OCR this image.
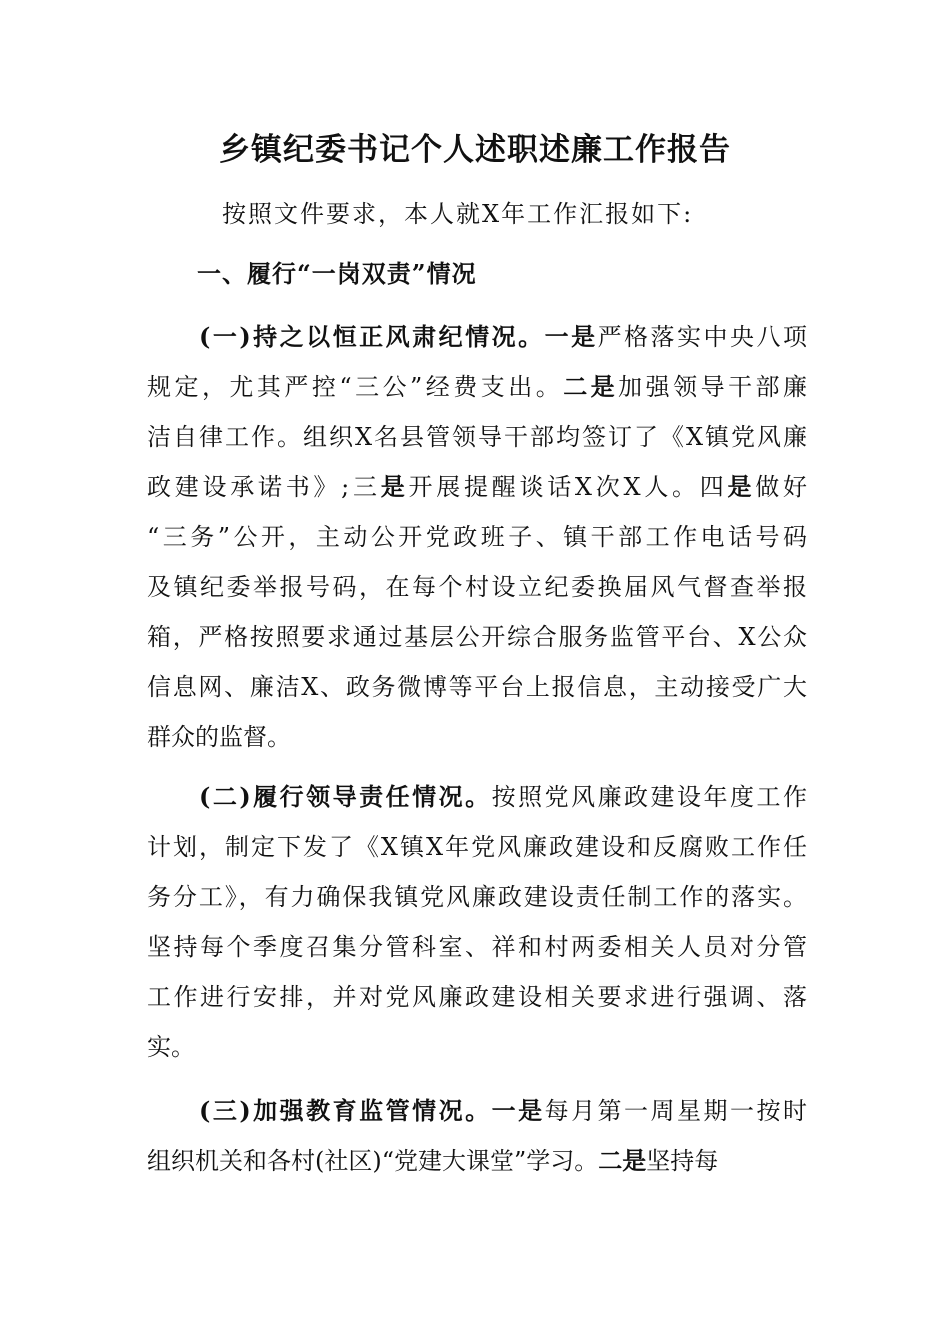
乡镇纪委书记个人述职述廉工作报告

按照文件要求，本人就X年工作汇报如下:

一、履行“一岗双责”情况
(一)持之以恒正风肃纪情况。一是严格落实中央八项
规定，尤其严控“三公”经费支出。二是加强领导干部廉
洁自律工作。组织X名县管领导干部均签订了《X镇党风廉
政建设承诺书》;三是开展提醒谈话X次X人。四是做好
“三务”公开，主动公开党政班子、镇干部工作电话号码
及镇纪委举报号码，在每个村设立纪委换届风气督查举报
箱，严格按照要求通过基层公开综合服务监管平台、X公众
信息网、廉洁X、政务微博等平台上报信息，主动接受广大
群众的监督。
(二)履行领导责任情况。按照党风廉政建设年度工作
计划，制定下发了《X镇X年党风廉政建设和反腐败工作任
务分工》，有力确保我镇党风廉政建设责任制工作的落实。
坚持每个季度召集分管科室、祥和村两委相关人员对分管
工作进行安排，并对党风廉政建设相关要求进行强调、落
实。
(三)加强教育监管情况。一是每月第一周星期一按时
组织机关和各村(社区)“党建大课堂”学习。二是坚持每
